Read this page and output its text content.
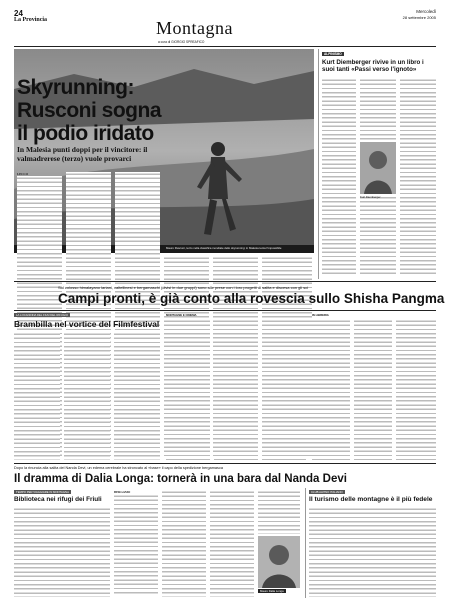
24
La Provincia
Mercoledì
28 settembre 2005
Montagna
a cura di GIORGIO SPREAFICO
Mauro Rusconi, terzo nella classifica mondiale dello skyrunning: in Malesia tenta l'impossibile
Skyrunning:
Rusconi sogna
il podio iridato
In Malesia punti doppi per il vincitore: il valmadrerese (terzo) vuole provarci
LECCO
ALPINISMO
Kurt Diemberger rivive in un libro i suoi tanti «Passi verso l'ignoto»
Kurt Diemberger
Sul colosso himalayano lariani, valtellinesi e bergamaschi (divisi in due gruppi) sono alle prese con i loro progetti di salita e discesa con gli sci
Campi pronti, è già conto alla rovescia sullo Shisha Pangma
LA LOCANDINA DEL FILM DEL RIFUGIO
Brambilla nel vortice del Filmfestival
MONTAGNE E CINEMA	IN LIBRERIA
Dopo la rinuncia alla salita del Nanda Devi, un edema cerebrale ha stroncato al «base» il capo della spedizione bergamasca
Il dramma di Dalia Longa: tornerà in una bara dal Nanda Devi
TEMPO PER VIAGGIARE IN MONTAGNA
Biblioteca nei rifugi dei Friuli
BERGAMO
Mauro Dalia Longa
CLUB ALPINO ITALIANO
Il turismo delle montagne è il più fedele
